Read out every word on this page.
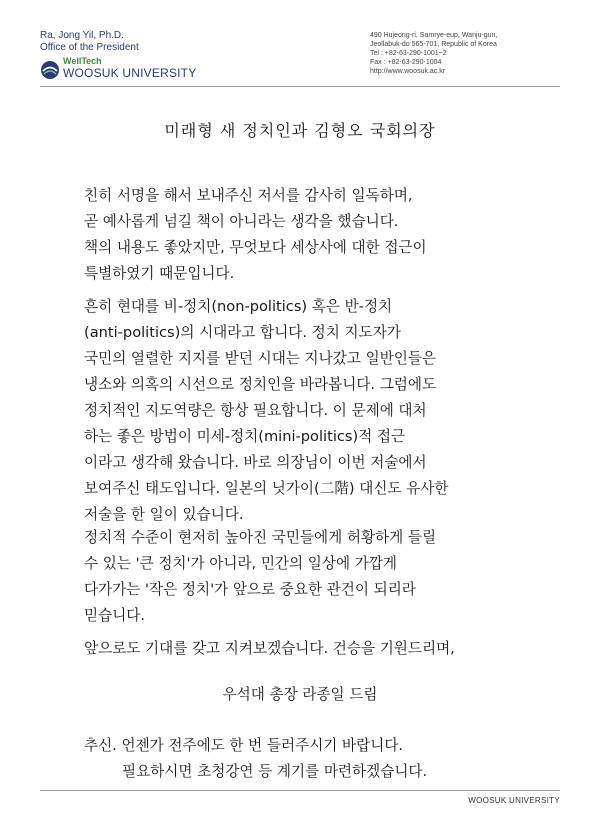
Ra, Jong Yil, Ph.D.
Office of the President
WellTech
WOOSUK UNIVERSITY
490 Hujeong-ri, Samrye-eup, Wanju-gun,
Jeollabuk-do 565-701, Republic of Korea
Tel : +82-63-290-1001~2
Fax : +82-63-290-1004
http://www.woosuk.ac.kr
미래형 새 정치인과 김형오 국회의장
친히 서명을 해서 보내주신 저서를 감사히 일독하며,
곧 예사롭게 넘길 책이 아니라는 생각을 했습니다.
책의 내용도 좋았지만, 무엇보다 세상사에 대한 접근이
특별하였기 때문입니다.
흔히 현대를 비-정치(non-politics) 혹은 반-정치
(anti-politics)의 시대라고 합니다. 정치 지도자가
국민의 열렬한 지지를 받던 시대는 지나갔고 일반인들은
냉소와 의혹의 시선으로 정치인을 바라봅니다. 그럼에도
정치적인 지도역량은 항상 필요합니다. 이 문제에 대처
하는 좋은 방법이 미세-정치(mini-politics)적 접근
이라고 생각해 왔습니다. 바로 의장님이 이번 저술에서
보여주신 태도입니다. 일본의 닛가이(二階) 대신도 유사한
저술을 한 일이 있습니다.
정치적 수준이 현저히 높아진 국민들에게 허황하게 들릴
수 있는 '큰 정치'가 아니라, 민간의 일상에 가깝게
다가가는 '작은 정치'가 앞으로 중요한 관건이 되리라
믿습니다.
앞으로도 기대를 갖고 지켜보겠습니다. 건승을 기원드리며,
우석대 총장 라종일 드림
추신. 언젠가 전주에도 한 번 들러주시기 바랍니다.
필요하시면 초청강연 등 계기를 마련하겠습니다.
WOOSUK UNIVERSITY
